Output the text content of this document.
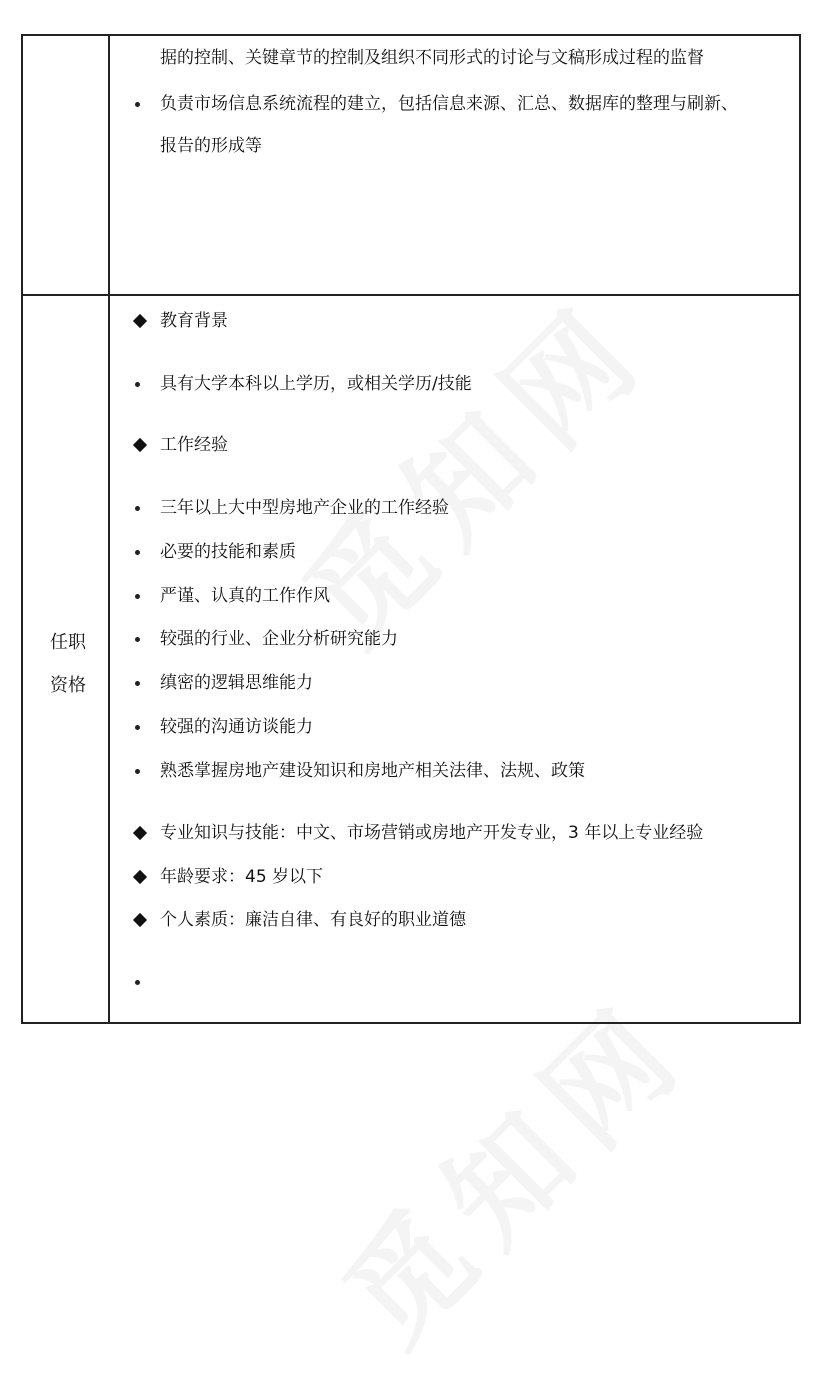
据的控制、关键章节的控制及组织不同形式的讨论与文稿形成过程的监督
负责市场信息系统流程的建立，包括信息来源、汇总、数据库的整理与刷新、
报告的形成等
任职
资格
教育背景
具有大学本科以上学历，或相关学历/技能
工作经验
三年以上大中型房地产企业的工作经验
必要的技能和素质
严谨、认真的工作作风
较强的行业、企业分析研究能力
缜密的逻辑思维能力
较强的沟通访谈能力
熟悉掌握房地产建设知识和房地产相关法律、法规、政策
专业知识与技能：中文、市场营销或房地产开发专业，3 年以上专业经验
年龄要求：45 岁以下
个人素质：廉洁自律、有良好的职业道德
